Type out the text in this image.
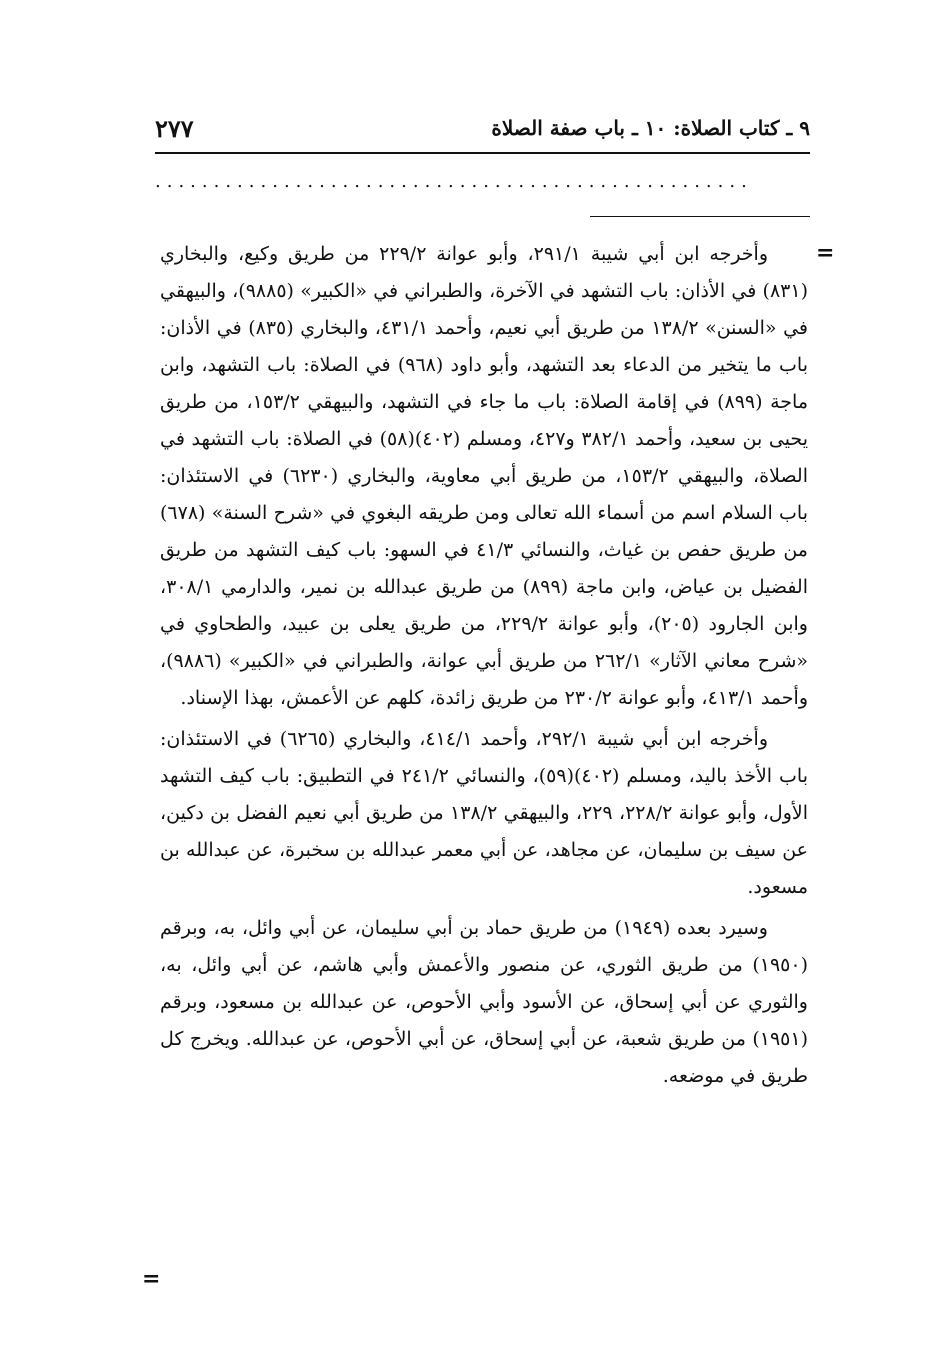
٩ ـ كتاب الصلاة: ١٠ ـ باب صفة الصلاة
٢٧٧
...................................................
=

وأخرجه ابن أبي شيبة ٢٩١/١، وأبو عوانة ٢٢٩/٢ من طريق وكيع، والبخاري (٨٣١) في الأذان: باب التشهد في الآخرة، والطبراني في «الكبير» (٩٨٨٥)، والبيهقي في «السنن» ١٣٨/٢ من طريق أبي نعيم، وأحمد ٤٣١/١، والبخاري (٨٣٥) في الأذان: باب ما يتخير من الدعاء بعد التشهد، وأبو داود (٩٦٨) في الصلاة: باب التشهد، وابن ماجة (٨٩٩) في إقامة الصلاة: باب ما جاء في التشهد، والبيهقي ١٥٣/٢، من طريق يحيى بن سعيد، وأحمد ٣٨٢/١ و٤٢٧، ومسلم (٤٠٢)(٥٨) في الصلاة: باب التشهد في الصلاة، والبيهقي ١٥٣/٢، من طريق أبي معاوية، والبخاري (٦٢٣٠) في الاستئذان: باب السلام اسم من أسماء الله تعالى ومن طريقه البغوي في «شرح السنة» (٦٧٨) من طريق حفص بن غياث، والنسائي ٤١/٣ في السهو: باب كيف التشهد من طريق الفضيل بن عياض، وابن ماجة (٨٩٩) من طريق عبدالله بن نمير، والدارمي ٣٠٨/١، وابن الجارود (٢٠٥)، وأبو عوانة ٢٢٩/٢، من طريق يعلى بن عبيد، والطحاوي في «شرح معاني الآثار» ٢٦٢/١ من طريق أبي عوانة، والطبراني في «الكبير» (٩٨٨٦)، وأحمد ٤١٣/١، وأبو عوانة ٢٣٠/٢ من طريق زائدة، كلهم عن الأعمش، بهذا الإسناد.

وأخرجه ابن أبي شيبة ٢٩٢/١، وأحمد ٤١٤/١، والبخاري (٦٢٦٥) في الاستئذان: باب الأخذ باليد، ومسلم (٤٠٢)(٥٩)، والنسائي ٢٤١/٢ في التطبيق: باب كيف التشهد الأول، وأبو عوانة ٢٢٨/٢، ٢٢٩، والبيهقي ١٣٨/٢ من طريق أبي نعيم الفضل بن دكين، عن سيف بن سليمان، عن مجاهد، عن أبي معمر عبدالله بن سخبرة، عن عبدالله بن مسعود.

وسيرد بعده (١٩٤٩) من طريق حماد بن أبي سليمان، عن أبي وائل، به، وبرقم (١٩٥٠) من طريق الثوري، عن منصور والأعمش وأبي هاشم، عن أبي وائل، به، والثوري عن أبي إسحاق، عن الأسود وأبي الأحوص، عن عبدالله بن مسعود، وبرقم (١٩٥١) من طريق شعبة، عن أبي إسحاق، عن أبي الأحوص، عن عبدالله. ويخرج كل طريق في موضعه.

=
